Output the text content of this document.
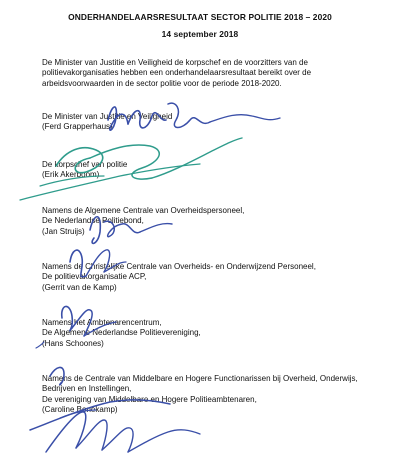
ONDERHANDELAARSRESULTAAT SECTOR POLITIE 2018 – 2020
14 september 2018
De Minister van Justitie en Veiligheid de korpschef en de voorzitters van de
politievakorganisaties hebben een onderhandelaarsresultaat bereikt over de
arbeidsvoorwaarden in de sector politie voor de periode 2018-2020.
De Minister van Justitie en Veiligheid
(Ferd Grapperhaus)
De korpschef van politie
(Erik Akerboom)
Namens de Algemene Centrale van Overheidspersoneel,
De Nederlandse Politiebond,
(Jan Struijs)
Namens de Christelijke Centrale van Overheids- en Onderwijzend Personeel,
De politievakorganisatie ACP,
(Gerrit van de Kamp)
Namens het Ambtenarencentrum,
De Algemene Nederlandse Politievereniging,
(Hans Schoones)
Namens de Centrale van Middelbare en Hogere Functionarissen bij Overheid, Onderwijs,
Bedrijven en Instellingen,
De vereniging van Middelbare en Hogere Politieambtenaren,
(Caroline Bonekamp)
